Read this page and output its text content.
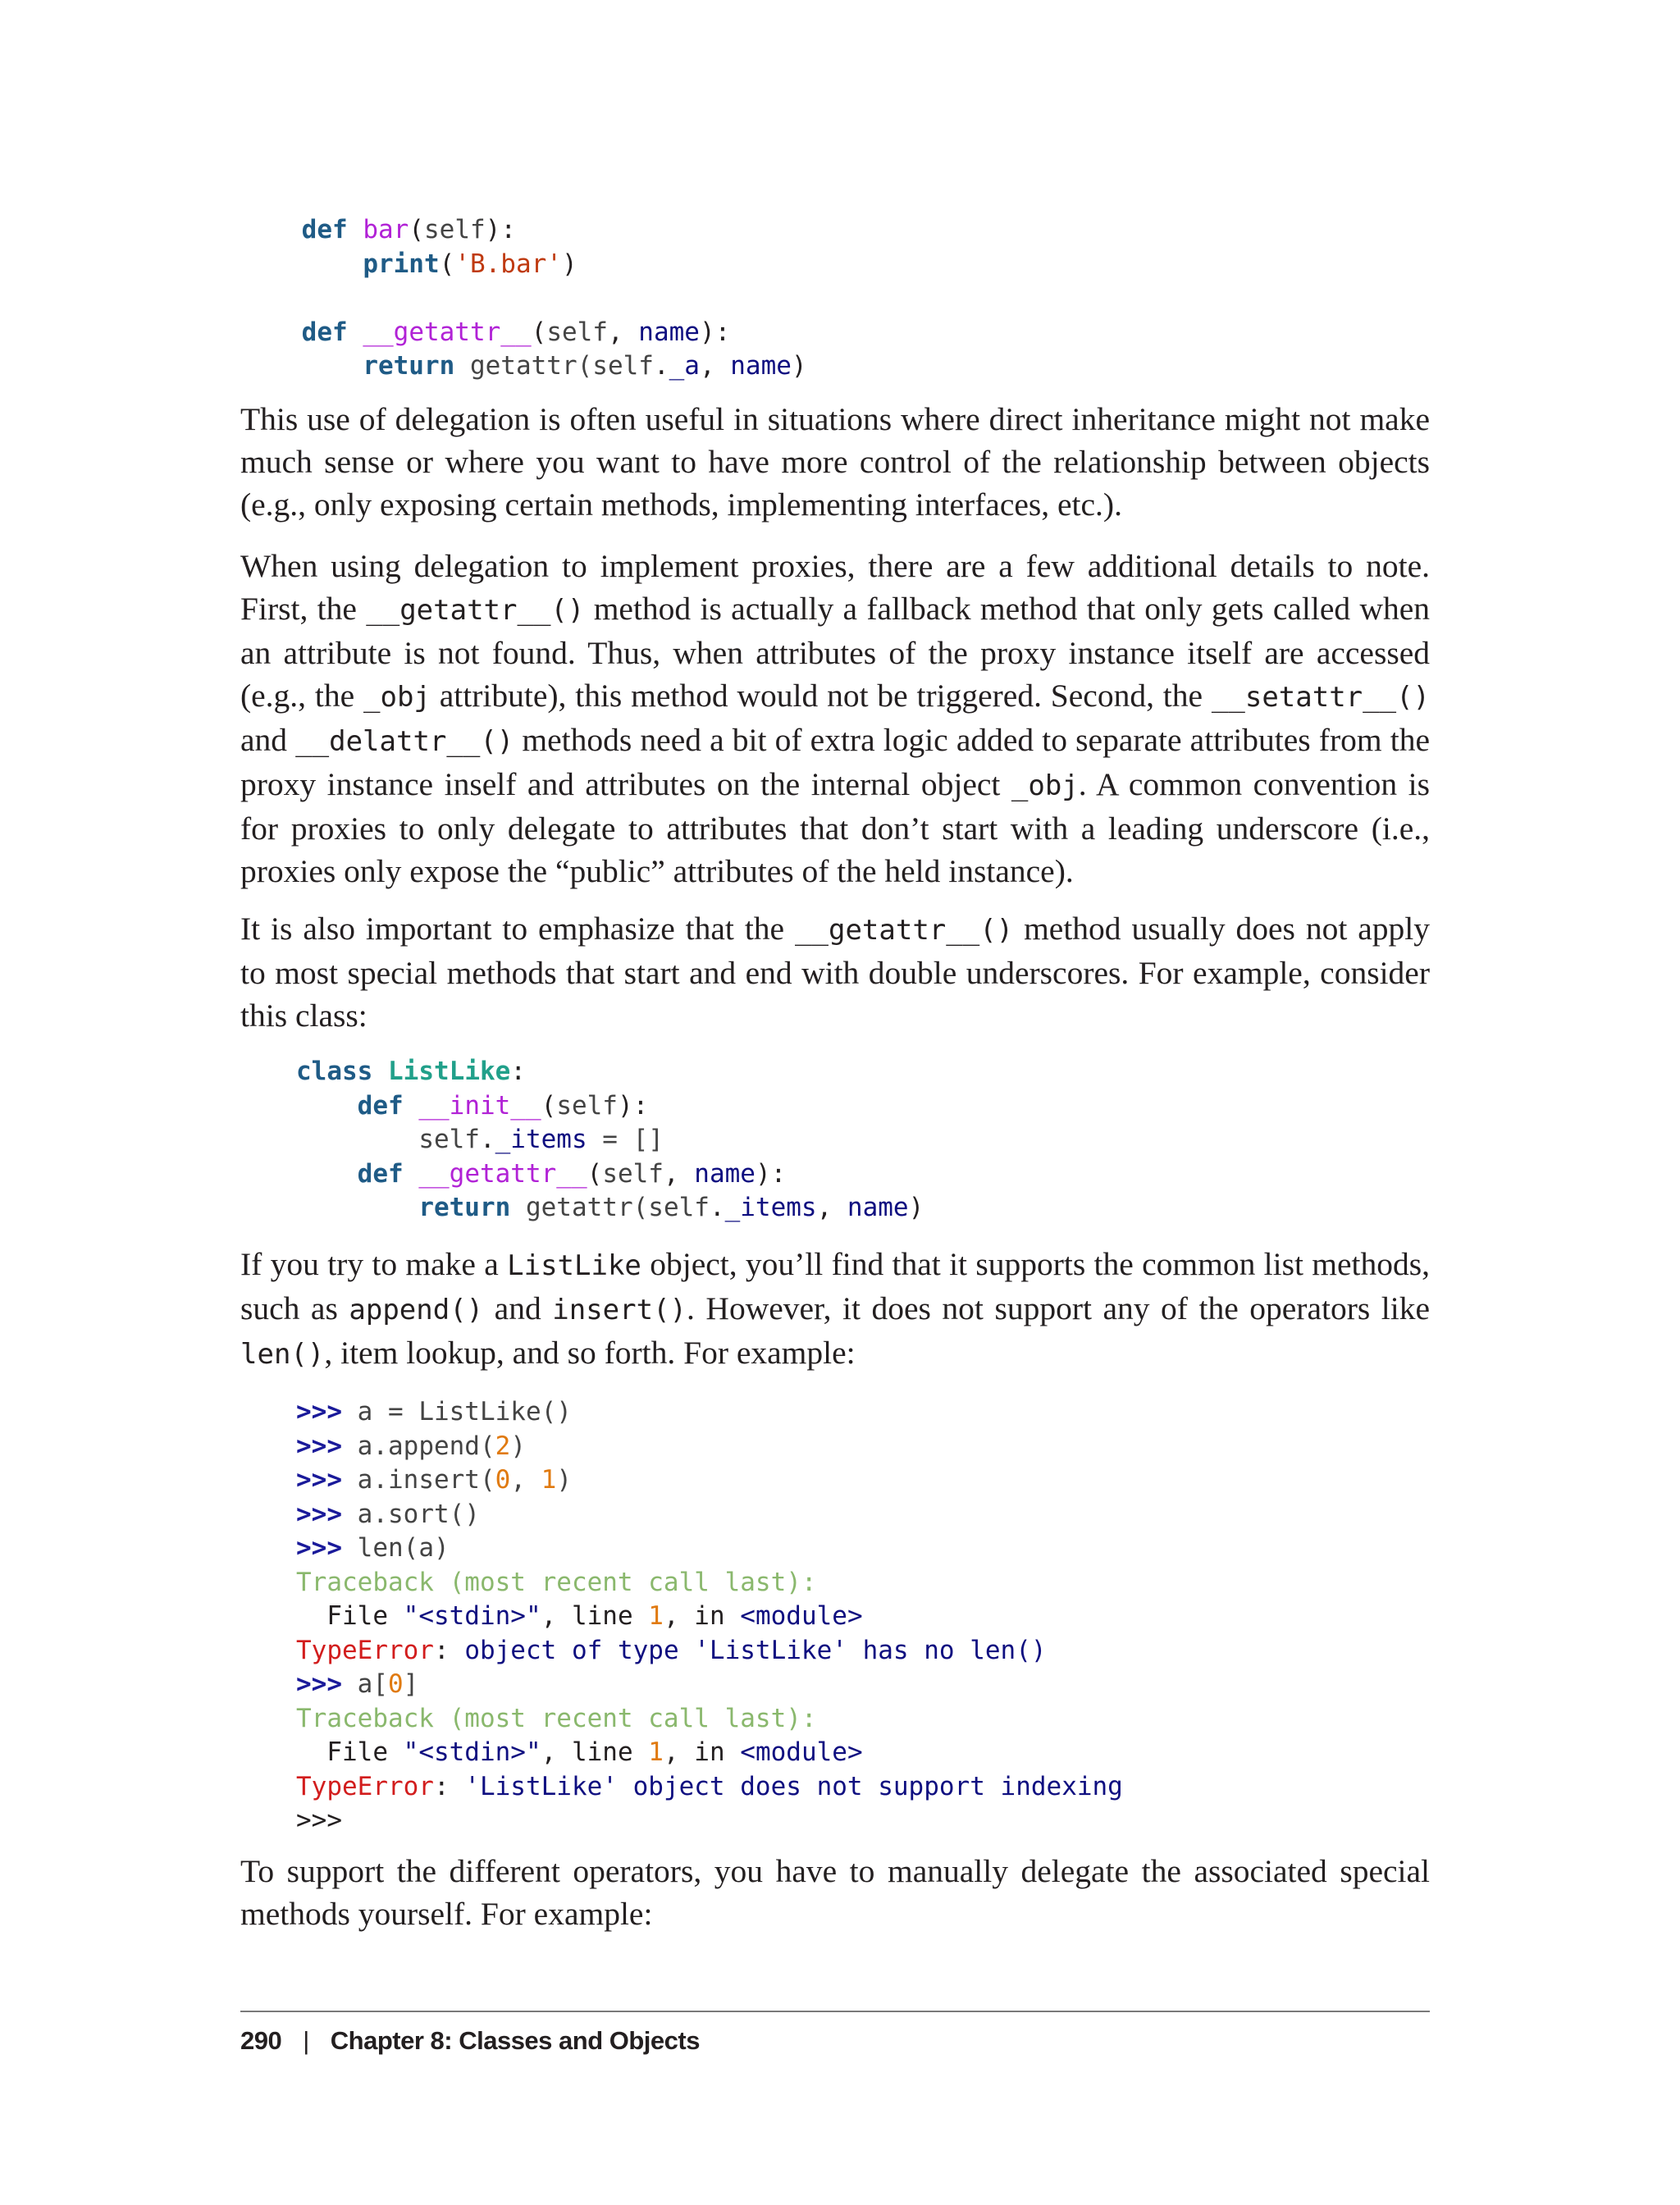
def bar(self):
print('B.bar')

def __getattr__(self, name):
return getattr(self._a, name)

This use of delegation is often useful in situations where direct inheritance might not make much sense or where you want to have more control of the relationship between objects (e.g., only exposing certain methods, implementing interfaces, etc.).

When using delegation to implement proxies, there are a few additional details to note. First, the __getattr__() method is actually a fallback method that only gets called when an attribute is not found. Thus, when attributes of the proxy instance itself are accessed (e.g., the _obj attribute), this method would not be triggered. Second, the __setattr__() and __delattr__() methods need a bit of extra logic added to separate attributes from the proxy instance inself and attributes on the internal object _obj. A common convention is for proxies to only delegate to attributes that don’t start with a leading underscore (i.e., proxies only expose the “public” attributes of the held instance).

It is also important to emphasize that the __getattr__() method usually does not apply to most special methods that start and end with double underscores. For example, consider this class:

class ListLike:
def __init__(self):
self._items = []
def __getattr__(self, name):
return getattr(self._items, name)

If you try to make a ListLike object, you’ll find that it supports the common list methods, such as append() and insert(). However, it does not support any of the operators like len(), item lookup, and so forth. For example:

>>> a = ListLike()
>>> a.append(2)
>>> a.insert(0, 1)
>>> a.sort()
>>> len(a)
Traceback (most recent call last):
File "<stdin>", line 1, in <module>
TypeError: object of type 'ListLike' has no len()
>>> a[0]
Traceback (most recent call last):
File "<stdin>", line 1, in <module>
TypeError: 'ListLike' object does not support indexing
>>>

To support the different operators, you have to manually delegate the associated special methods yourself. For example:

290 | Chapter 8: Classes and Objects
